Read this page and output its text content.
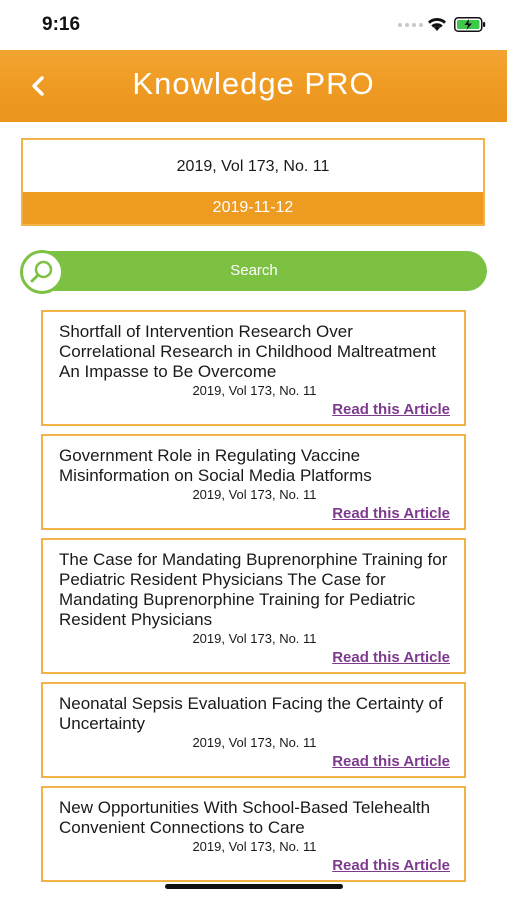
9:16
Knowledge PRO
2019, Vol 173, No. 11
2019-11-12
Search
Shortfall of Intervention Research Over Correlational Research in Childhood Maltreatment An Impasse to Be Overcome
2019, Vol 173, No. 11
Read this Article
Government Role in Regulating Vaccine Misinformation on Social Media Platforms
2019, Vol 173, No. 11
Read this Article
The Case for Mandating Buprenorphine Training for Pediatric Resident Physicians The Case for Mandating Buprenorphine Training for Pediatric Resident Physicians
2019, Vol 173, No. 11
Read this Article
Neonatal Sepsis Evaluation Facing the Certainty of Uncertainty
2019, Vol 173, No. 11
Read this Article
New Opportunities With School-Based Telehealth Convenient Connections to Care
2019, Vol 173, No. 11
Read this Article
